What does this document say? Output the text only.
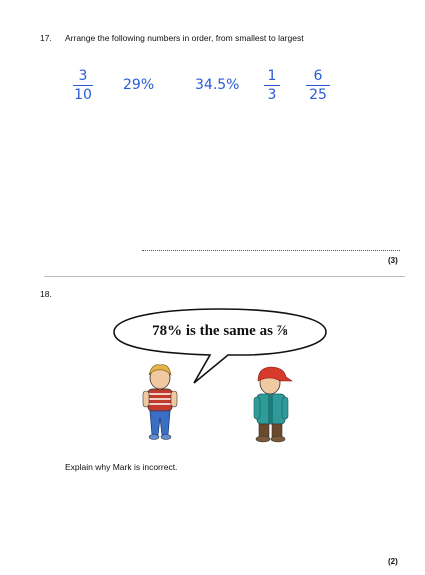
17. Arrange the following numbers in order, from smallest to largest
3
10
29%	34.5%
1
3
6
25
(3)
18.
78% is the same as ⅞
Explain why Mark is incorrect.
(2)
